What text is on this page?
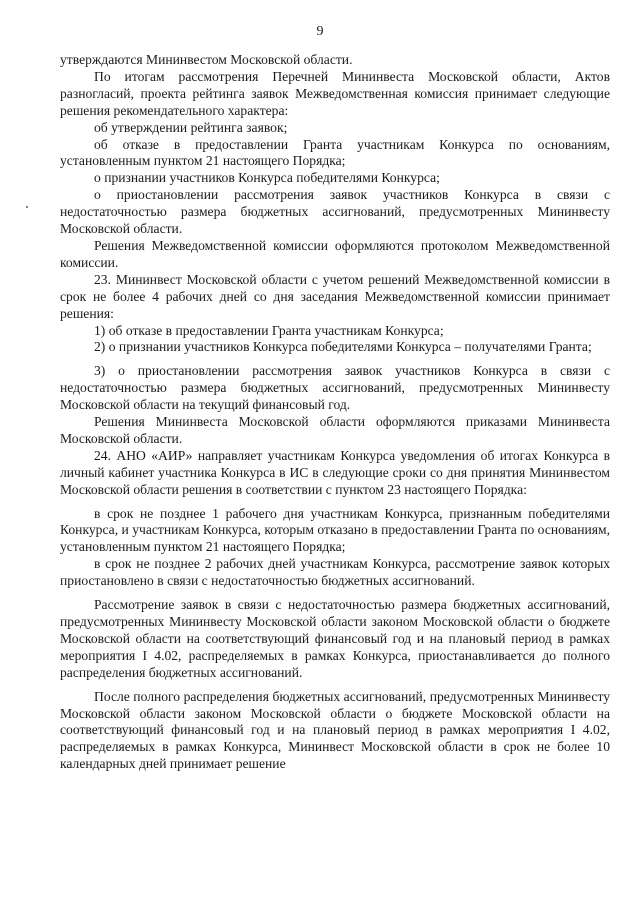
9

утверждаются Мининвестом Московской области.

По итогам рассмотрения Перечней Мининвеста Московской области, Актов разногласий, проекта рейтинга заявок Межведомственная комиссия принимает следующие решения рекомендательного характера:

об утверждении рейтинга заявок;

об отказе в предоставлении Гранта участникам Конкурса по основаниям, установленным пунктом 21 настоящего Порядка;

о признании участников Конкурса победителями Конкурса;

о приостановлении рассмотрения заявок участников Конкурса в связи с недостаточностью размера бюджетных ассигнований, предусмотренных Мининвесту Московской области.

Решения Межведомственной комиссии оформляются протоколом Межведомственной комиссии.

23. Мининвест Московской области с учетом решений Межведомственной комиссии в срок не более 4 рабочих дней со дня заседания Межведомственной комиссии принимает решения:

1) об отказе в предоставлении Гранта участникам Конкурса;

2) о признании участников Конкурса победителями Конкурса – получателями Гранта;

3) о приостановлении рассмотрения заявок участников Конкурса в связи с недостаточностью размера бюджетных ассигнований, предусмотренных Мининвесту Московской области на текущий финансовый год.

Решения Мининвеста Московской области оформляются приказами Мининвеста Московской области.

24. АНО «АИР» направляет участникам Конкурса уведомления об итогах Конкурса в личный кабинет участника Конкурса в ИС в следующие сроки со дня принятия Мининвестом Московской области решения в соответствии с пунктом 23 настоящего Порядка:

в срок не позднее 1 рабочего дня участникам Конкурса, признанным победителями Конкурса, и участникам Конкурса, которым отказано в предоставлении Гранта по основаниям, установленным пунктом 21 настоящего Порядка;

в срок не позднее 2 рабочих дней участникам Конкурса, рассмотрение заявок которых приостановлено в связи с недостаточностью бюджетных ассигнований.

Рассмотрение заявок в связи с недостаточностью размера бюджетных ассигнований, предусмотренных Мининвесту Московской области законом Московской области о бюджете Московской области на соответствующий финансовый год и на плановый период в рамках мероприятия I 4.02, распределяемых в рамках Конкурса, приостанавливается до полного распределения бюджетных ассигнований.

После полного распределения бюджетных ассигнований, предусмотренных Мининвесту Московской области законом Московской области о бюджете Московской области на соответствующий финансовый год и на плановый период в рамках мероприятия I 4.02, распределяемых в рамках Конкурса, Мининвест Московской области в срок не более 10 календарных дней принимает решение
